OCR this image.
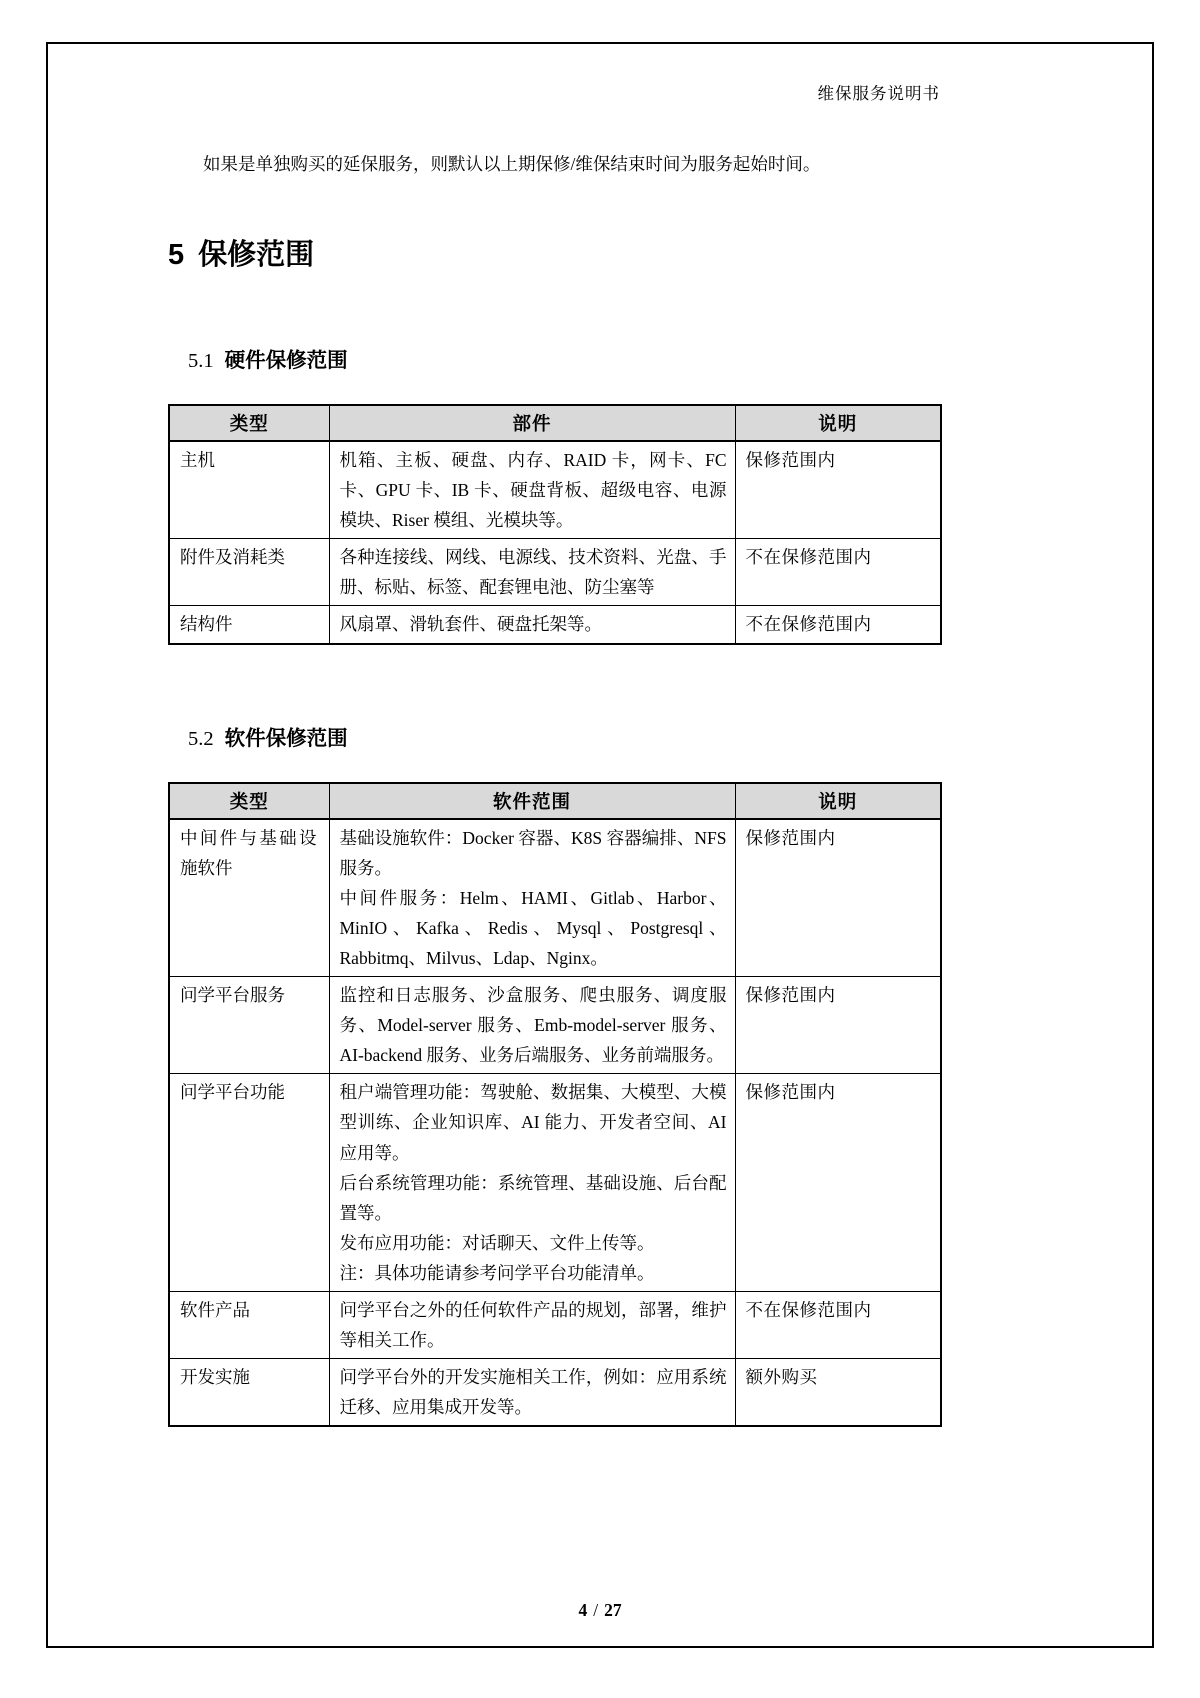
维保服务说明书

如果是单独购买的延保服务，则默认以上期保修/维保结束时间为服务起始时间。

5 保修范围
5.1 硬件保修范围
类型	部件	说明
主机	机箱、主板、硬盘、内存、RAID 卡，网卡、FC 卡、GPU 卡、IB 卡、硬盘背板、超级电容、电源模块、Riser 模组、光模块等。	保修范围内
附件及消耗类	各种连接线、网线、电源线、技术资料、光盘、手册、标贴、标签、配套锂电池、防尘塞等	不在保修范围内
结构件	风扇罩、滑轨套件、硬盘托架等。	不在保修范围内
5.2 软件保修范围
类型	软件范围	说明
中间件与基础设施软件	基础设施软件：Docker 容器、K8S 容器编排、NFS 服务。
中间件服务：Helm、HAMI、Gitlab、Harbor、MinIO、Kafka、Redis、Mysql、Postgresql、Rabbitmq、Milvus、Ldap、Nginx。	保修范围内
问学平台服务	监控和日志服务、沙盒服务、爬虫服务、调度服务、Model-server 服务、Emb-model-server 服务、AI-backend 服务、业务后端服务、业务前端服务。	保修范围内
问学平台功能	租户端管理功能：驾驶舱、数据集、大模型、大模型训练、企业知识库、AI 能力、开发者空间、AI 应用等。
后台系统管理功能：系统管理、基础设施、后台配置等。
发布应用功能：对话聊天、文件上传等。
注：具体功能请参考问学平台功能清单。	保修范围内
软件产品	问学平台之外的任何软件产品的规划，部署，维护等相关工作。	不在保修范围内
开发实施	问学平台外的开发实施相关工作，例如：应用系统迁移、应用集成开发等。	额外购买
4 / 27
